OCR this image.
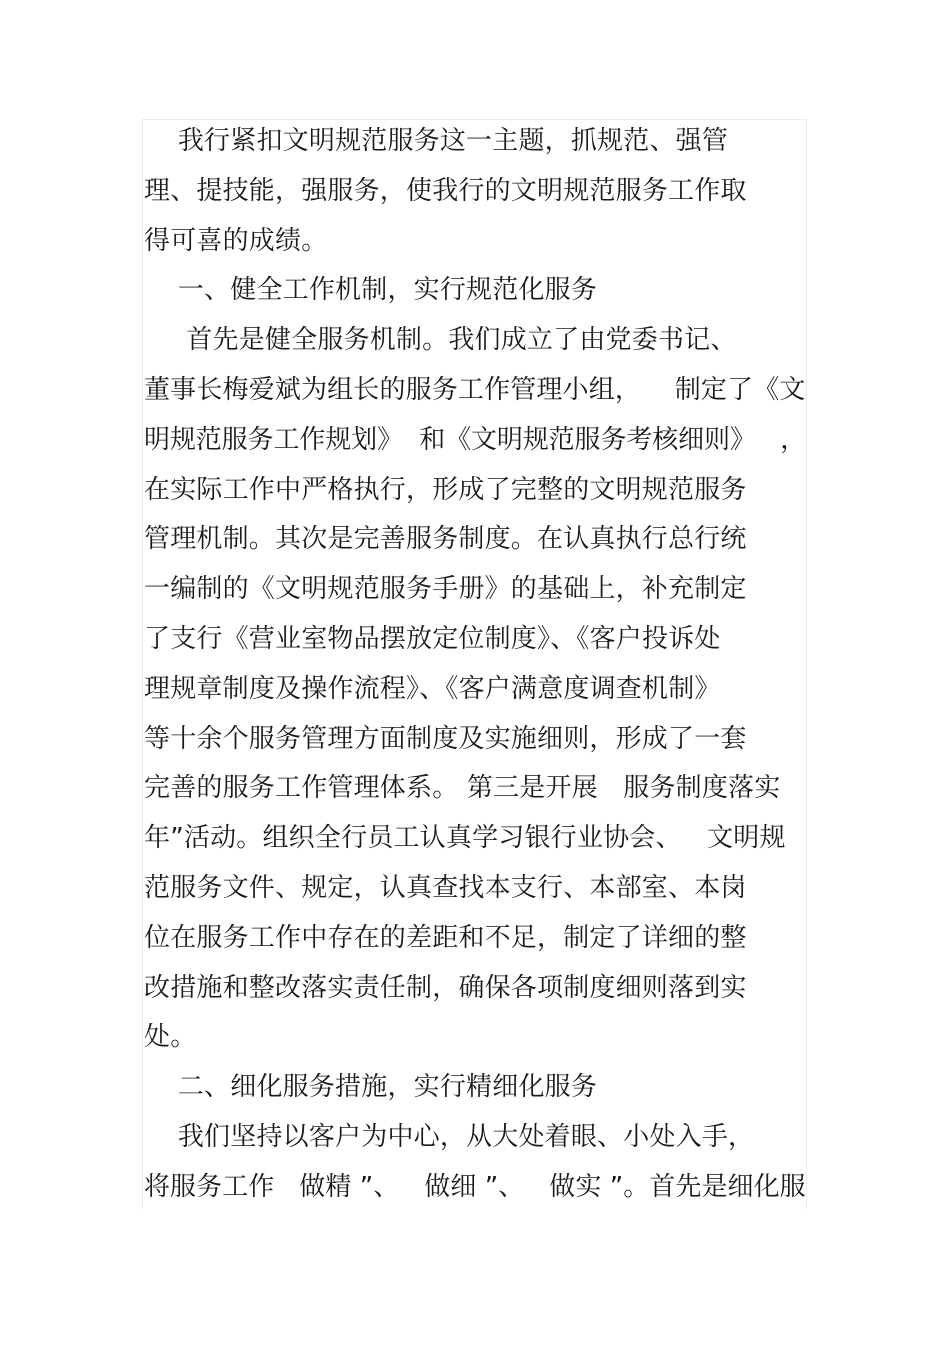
我行紧扣文明规范服务这一主题，抓规范、强管

理、提技能，强服务，使我行的文明规范服务工作取

得可喜的成绩。

一、健全工作机制，实行规范化服务

首先是健全服务机制。我们成立了由党委书记、

董事长梅爱斌为组长的服务工作管理小组，    制定了《文

明规范服务工作规划》  和《文明规范服务考核细则》   ，

在实际工作中严格执行，形成了完整的文明规范服务

管理机制。其次是完善服务制度。在认真执行总行统

一编制的《文明规范服务手册》的基础上，补充制定

了支行《营业室物品摆放定位制度》、《客户投诉处

理规章制度及操作流程》、《客户满意度调查机制》

等十余个服务管理方面制度及实施细则，形成了一套

完善的服务工作管理体系。 第三是开展   服务制度落实

年”活动。组织全行员工认真学习银行业协会、   文明规

范服务文件、规定，认真查找本支行、本部室、本岗

位在服务工作中存在的差距和不足，制定了详细的整

改措施和整改落实责任制，确保各项制度细则落到实

处。

二、细化服务措施，实行精细化服务

我们坚持以客户为中心，从大处着眼、小处入手，

将服务工作   做精 ”、   做细 ”、   做实 ”。首先是细化服
